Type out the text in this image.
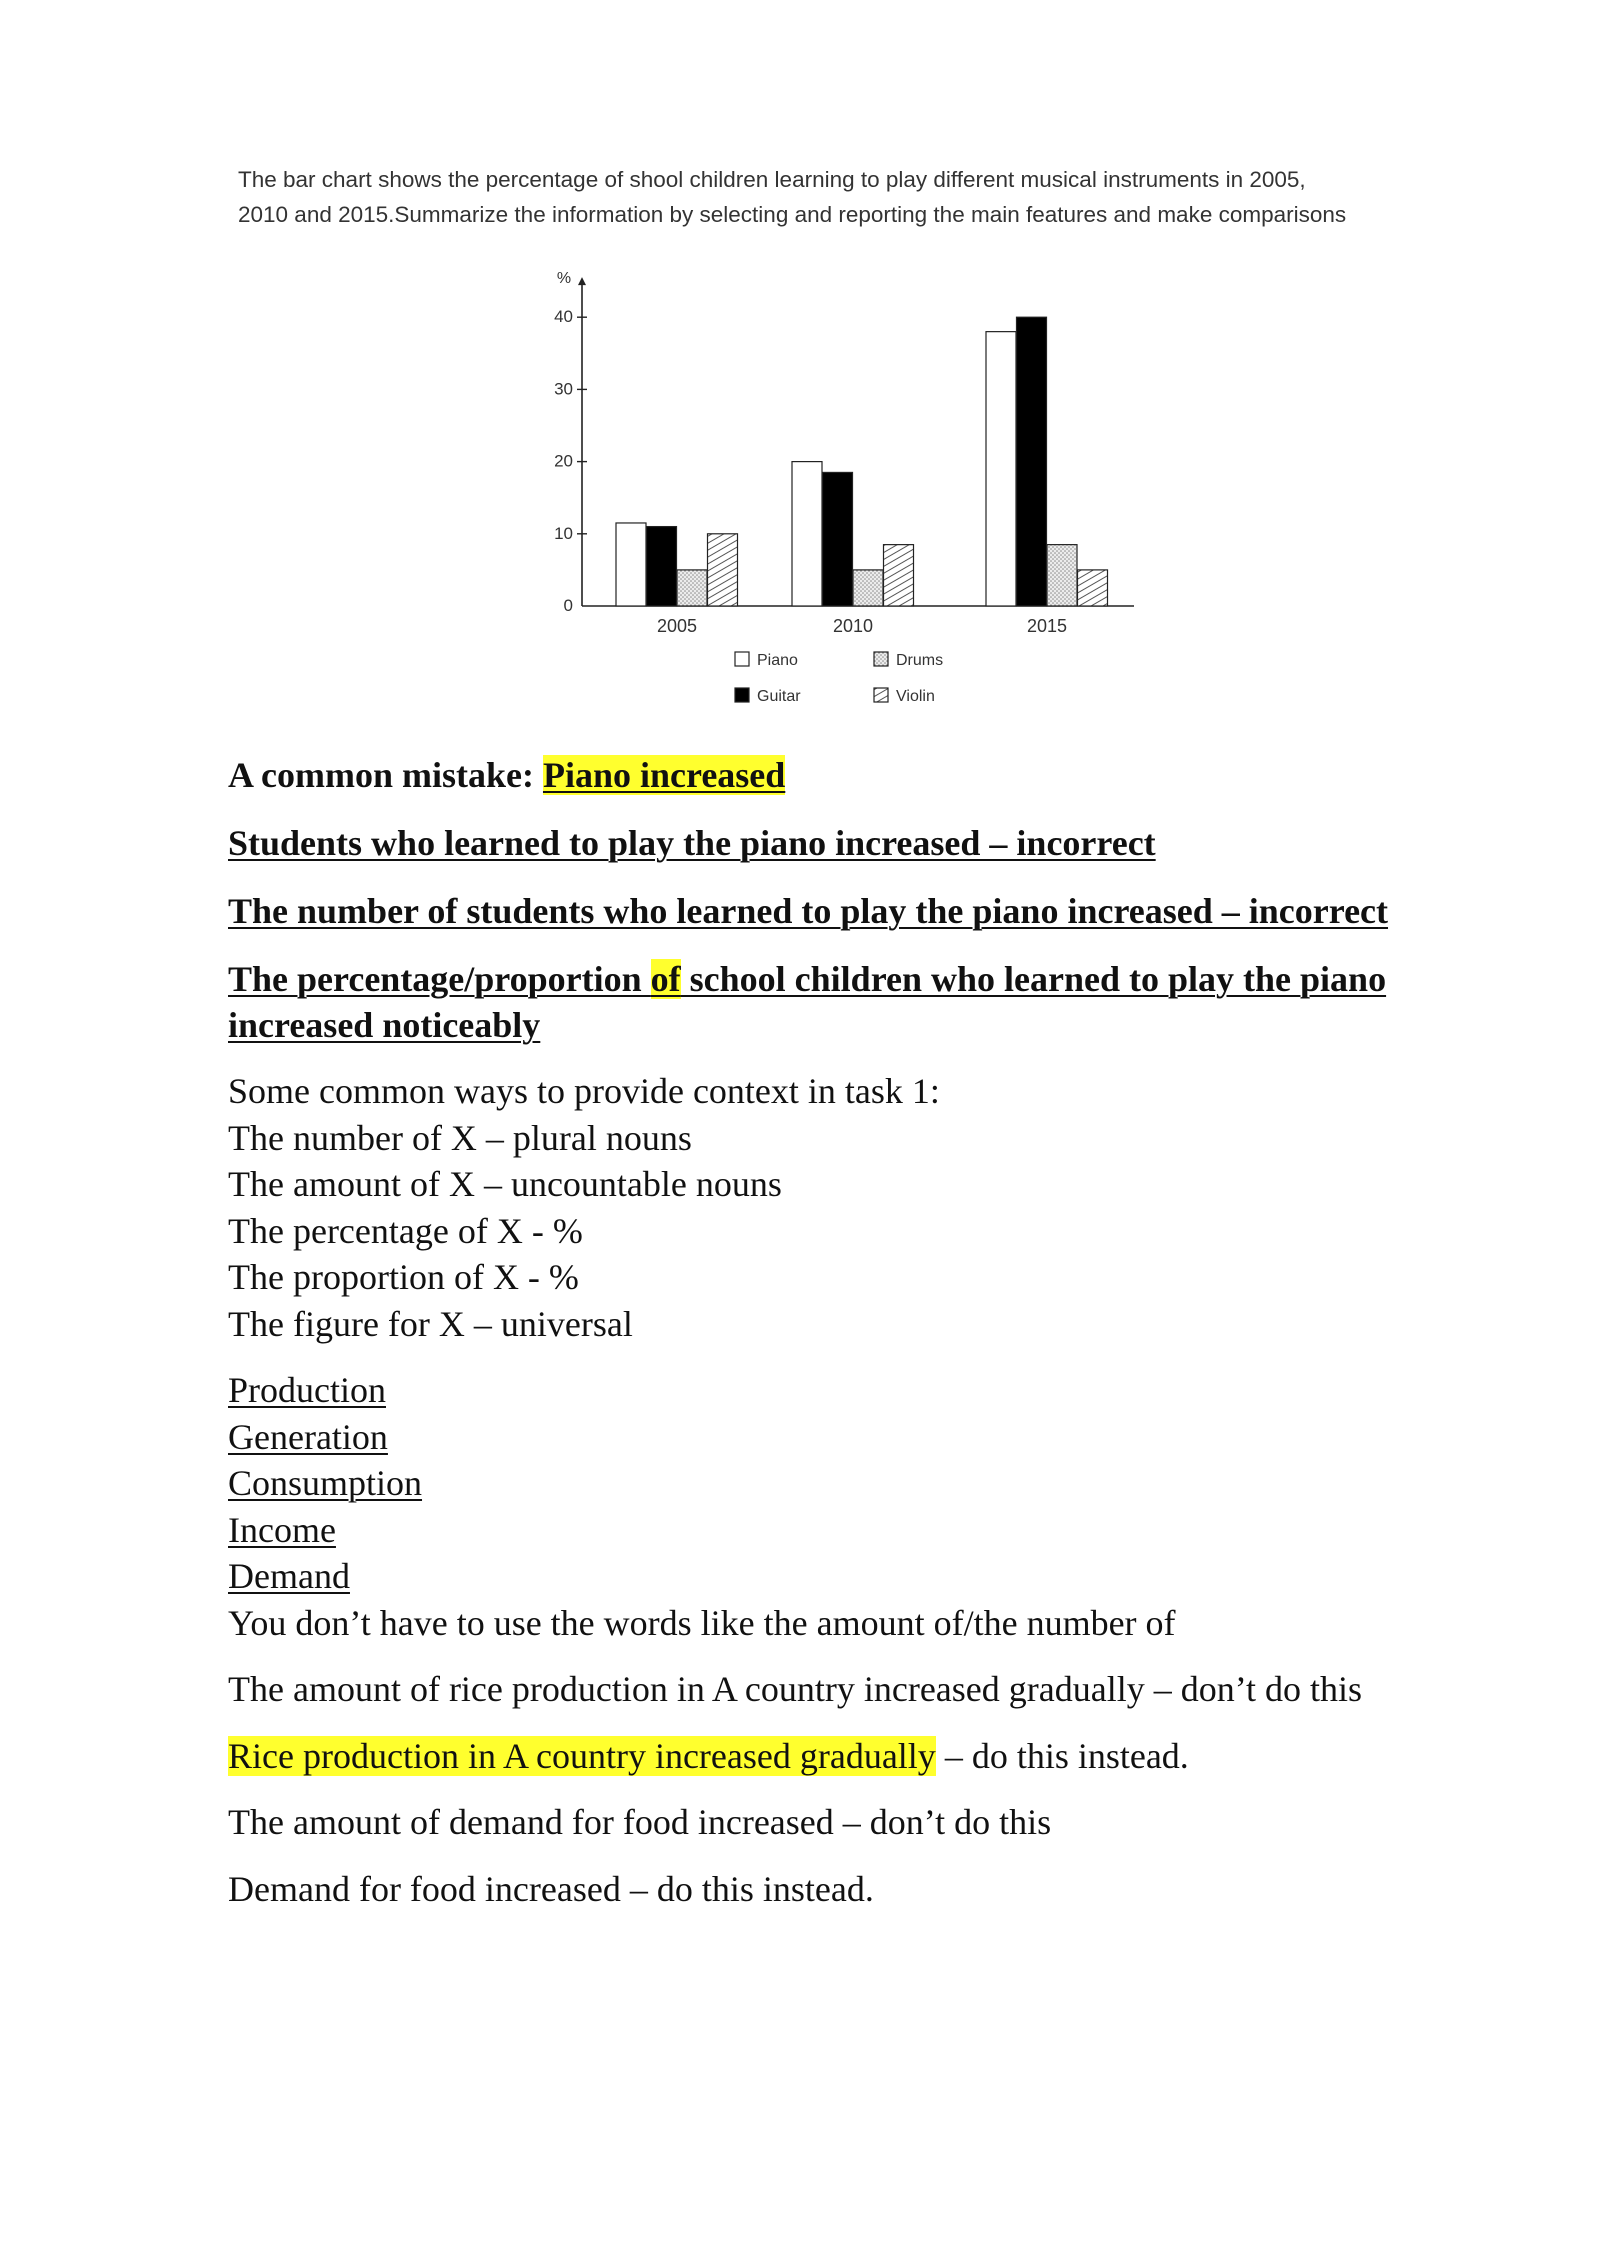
The bar chart shows the percentage of shool children learning to play different musical instruments in 2005,

2010 and 2015.Summarize the information by selecting and reporting the main features and make comparisons

%
0
10
20
30
40
2005	2010	2015
Piano	Drums
Guitar	Violin

A common mistake: Piano increased

Students who learned to play the piano increased – incorrect

The number of students who learned to play the piano increased – incorrect

The percentage/proportion of school children who learned to play the piano
increased noticeably

Some common ways to provide context in task 1:
The number of X – plural nouns
The amount of X – uncountable nouns
The percentage of X - %
The proportion of X - %
The figure for X – universal
Production
Generation
Consumption
Income
Demand
You don’t have to use the words like the amount of/the number of

The amount of rice production in A country increased gradually – don’t do this

Rice production in A country increased gradually – do this instead.

The amount of demand for food increased – don’t do this

Demand for food increased – do this instead.
